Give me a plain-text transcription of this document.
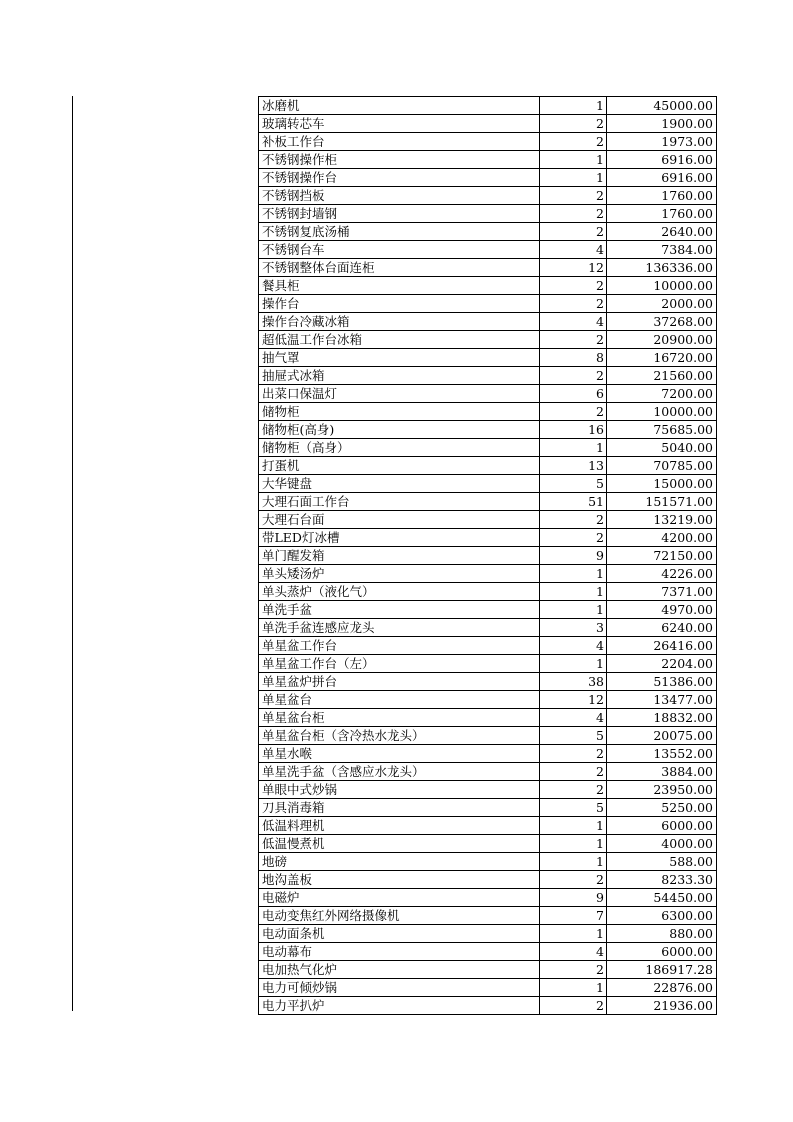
冰磨机	1	45000.00
玻璃转芯车	2	1900.00
补板工作台	2	1973.00
不锈钢操作柜	1	6916.00
不锈钢操作台	1	6916.00
不锈钢挡板	2	1760.00
不锈钢封墙钢	2	1760.00
不锈钢复底汤桶	2	2640.00
不锈钢台车	4	7384.00
不锈钢整体台面连柜	12	136336.00
餐具柜	2	10000.00
操作台	2	2000.00
操作台冷藏冰箱	4	37268.00
超低温工作台冰箱	2	20900.00
抽气罩	8	16720.00
抽屉式冰箱	2	21560.00
出菜口保温灯	6	7200.00
储物柜	2	10000.00
储物柜(高身)	16	75685.00
储物柜（高身）	1	5040.00
打蛋机	13	70785.00
大华键盘	5	15000.00
大理石面工作台	51	151571.00
大理石台面	2	13219.00
带LED灯冰槽	2	4200.00
单门醒发箱	9	72150.00
单头矮汤炉	1	4226.00
单头蒸炉（液化气）	1	7371.00
单洗手盆	1	4970.00
单洗手盆连感应龙头	3	6240.00
单星盆工作台	4	26416.00
单星盆工作台（左）	1	2204.00
单星盆炉拼台	38	51386.00
单星盆台	12	13477.00
单星盆台柜	4	18832.00
单星盆台柜（含冷热水龙头）	5	20075.00
单星水喉	2	13552.00
单星洗手盆（含感应水龙头）	2	3884.00
单眼中式炒锅	2	23950.00
刀具消毒箱	5	5250.00
低温料理机	1	6000.00
低温慢煮机	1	4000.00
地磅	1	588.00
地沟盖板	2	8233.30
电磁炉	9	54450.00
电动变焦红外网络摄像机	7	6300.00
电动面条机	1	880.00
电动幕布	4	6000.00
电加热气化炉	2	186917.28
电力可倾炒锅	1	22876.00
电力平扒炉	2	21936.00
